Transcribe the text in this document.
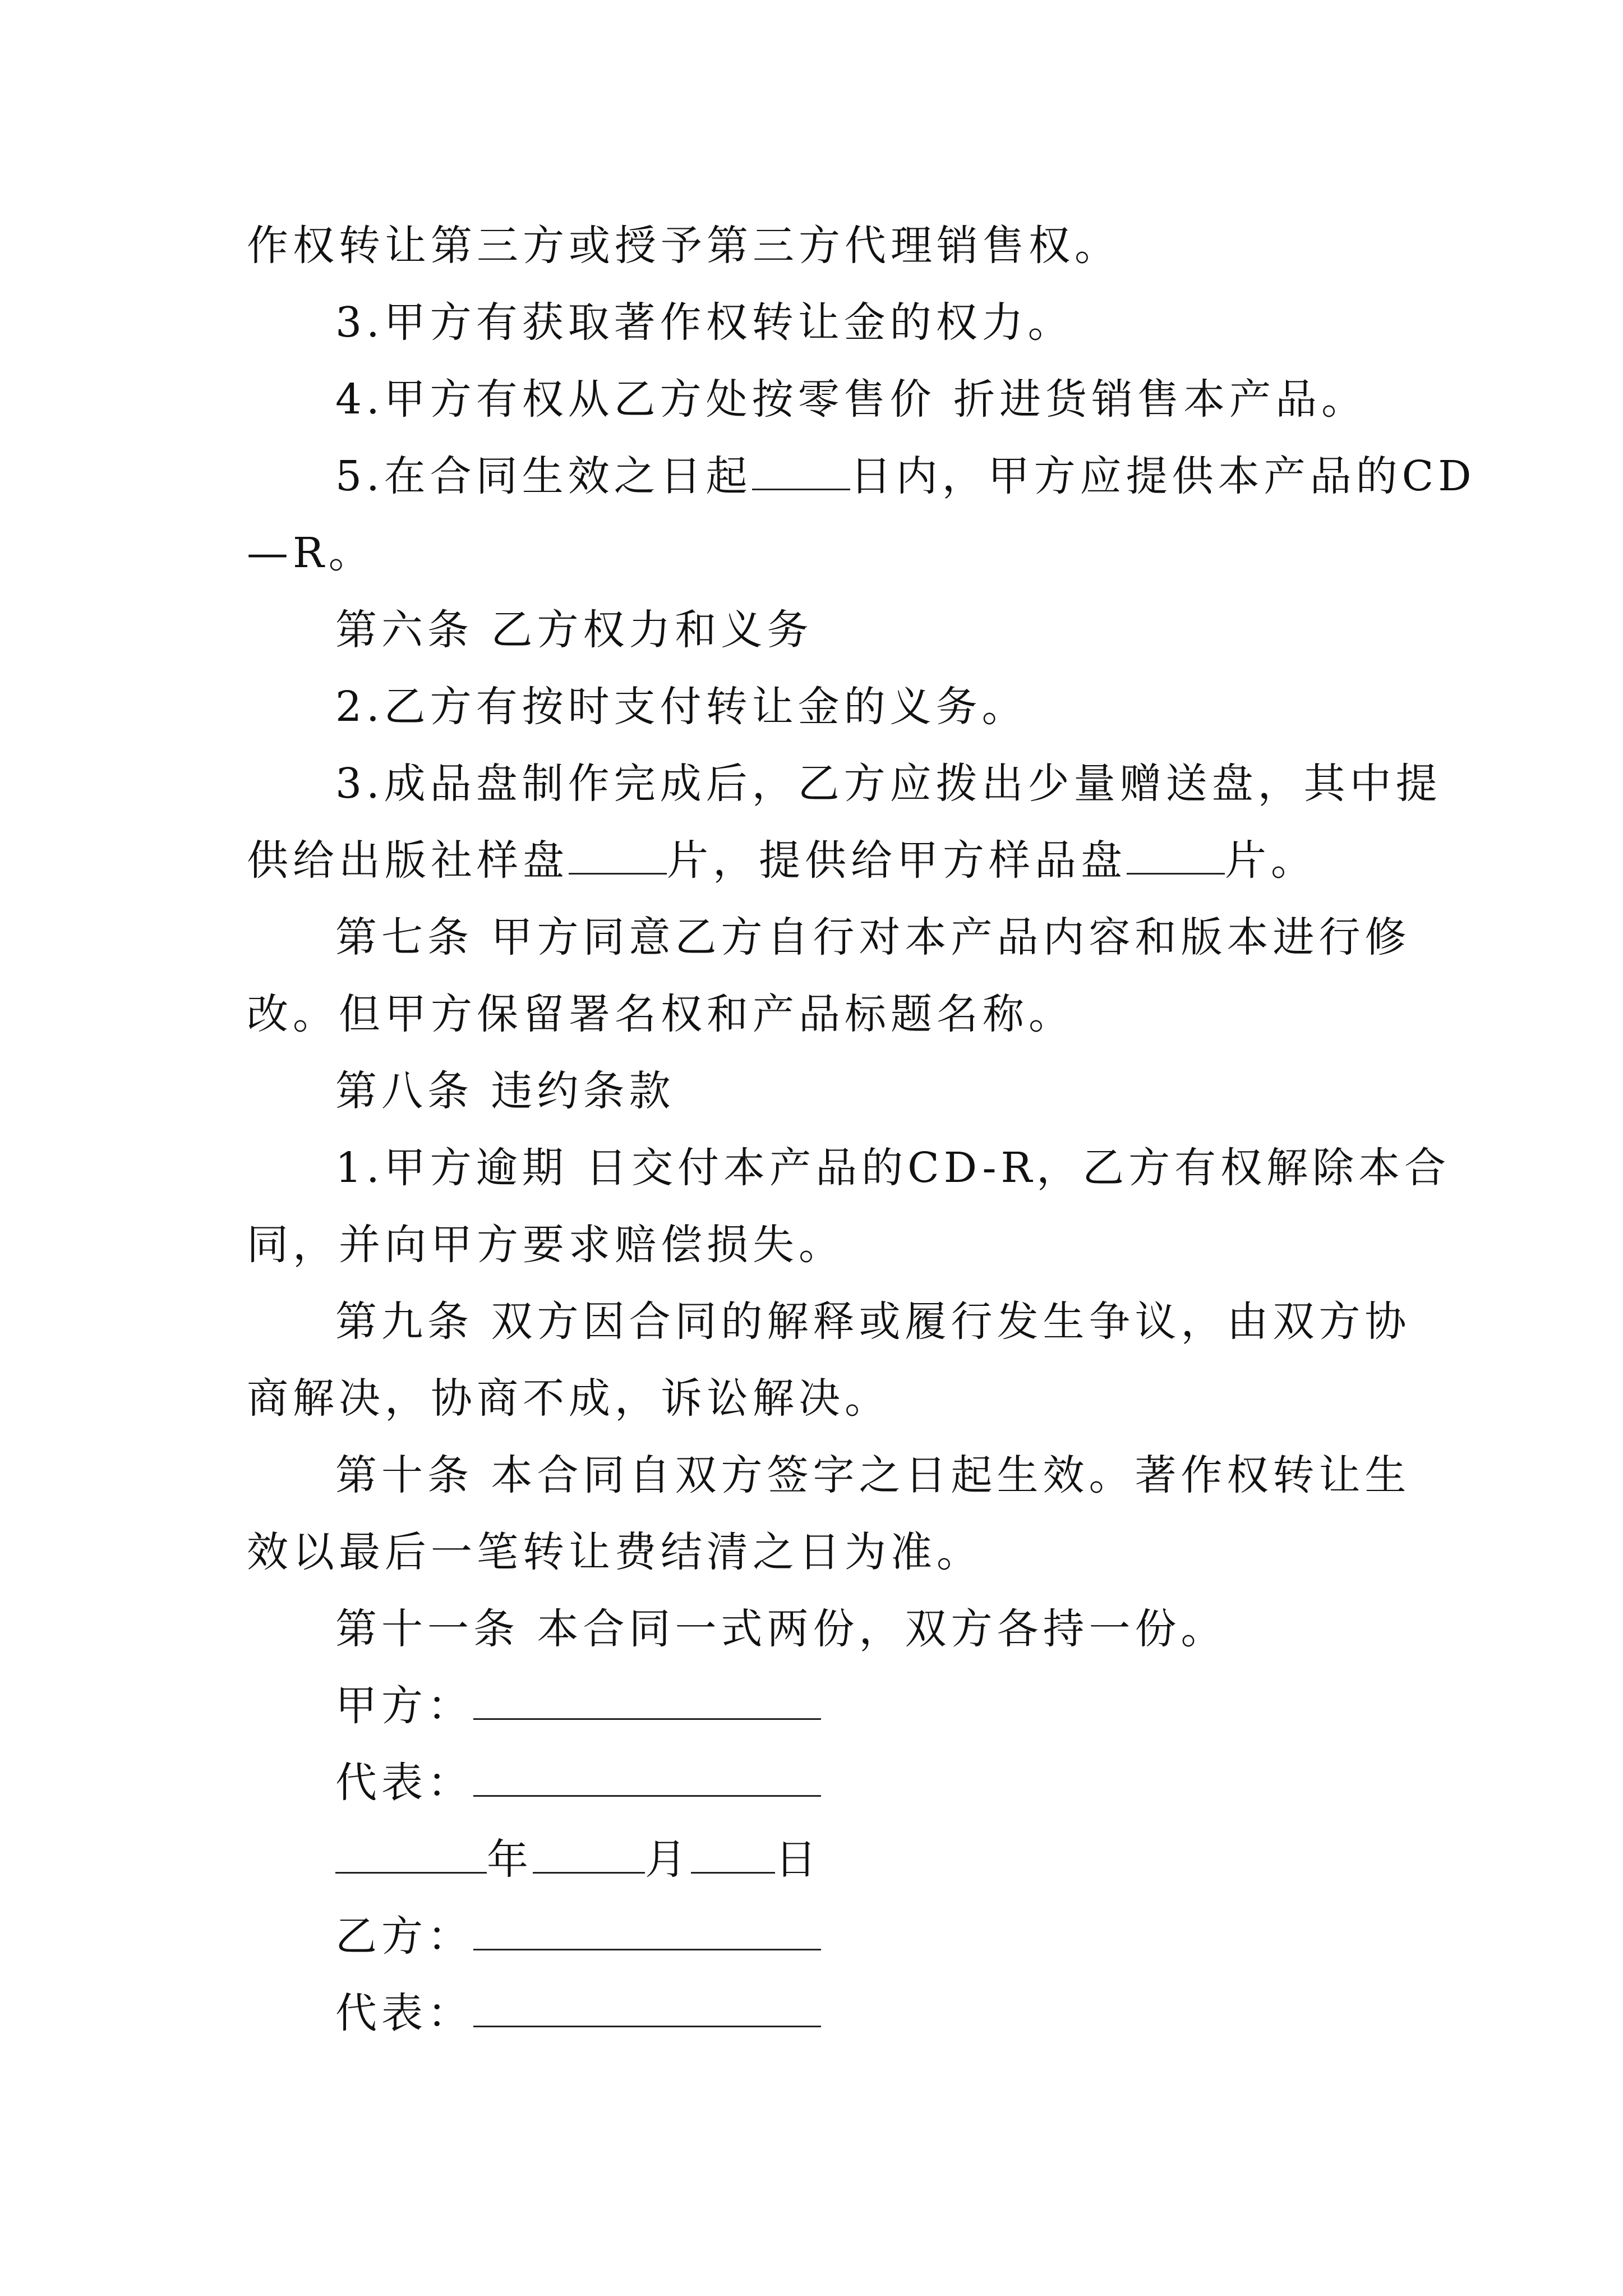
作权转让第三方或授予第三方代理销售权。
3.甲方有获取著作权转让金的权力。
4.甲方有权从乙方处按零售价 折进货销售本产品。
5.在合同生效之日起 日内，甲方应提供本产品的CD
—R。
第六条 乙方权力和义务
2.乙方有按时支付转让金的义务。
3.成品盘制作完成后，乙方应拨出少量赠送盘，其中提
供给出版社样盘 片，提供给甲方样品盘 片。
第七条 甲方同意乙方自行对本产品内容和版本进行修
改。但甲方保留署名权和产品标题名称。
第八条 违约条款
1.甲方逾期 日交付本产品的CD-R，乙方有权解除本合
同，并向甲方要求赔偿损失。
第九条 双方因合同的解释或履行发生争议，由双方协
商解决，协商不成，诉讼解决。
第十条 本合同自双方签字之日起生效。著作权转让生
效以最后一笔转让费结清之日为准。
第十一条 本合同一式两份，双方各持一份。
甲方：
代表：
年	月 日
乙方：
代表：
